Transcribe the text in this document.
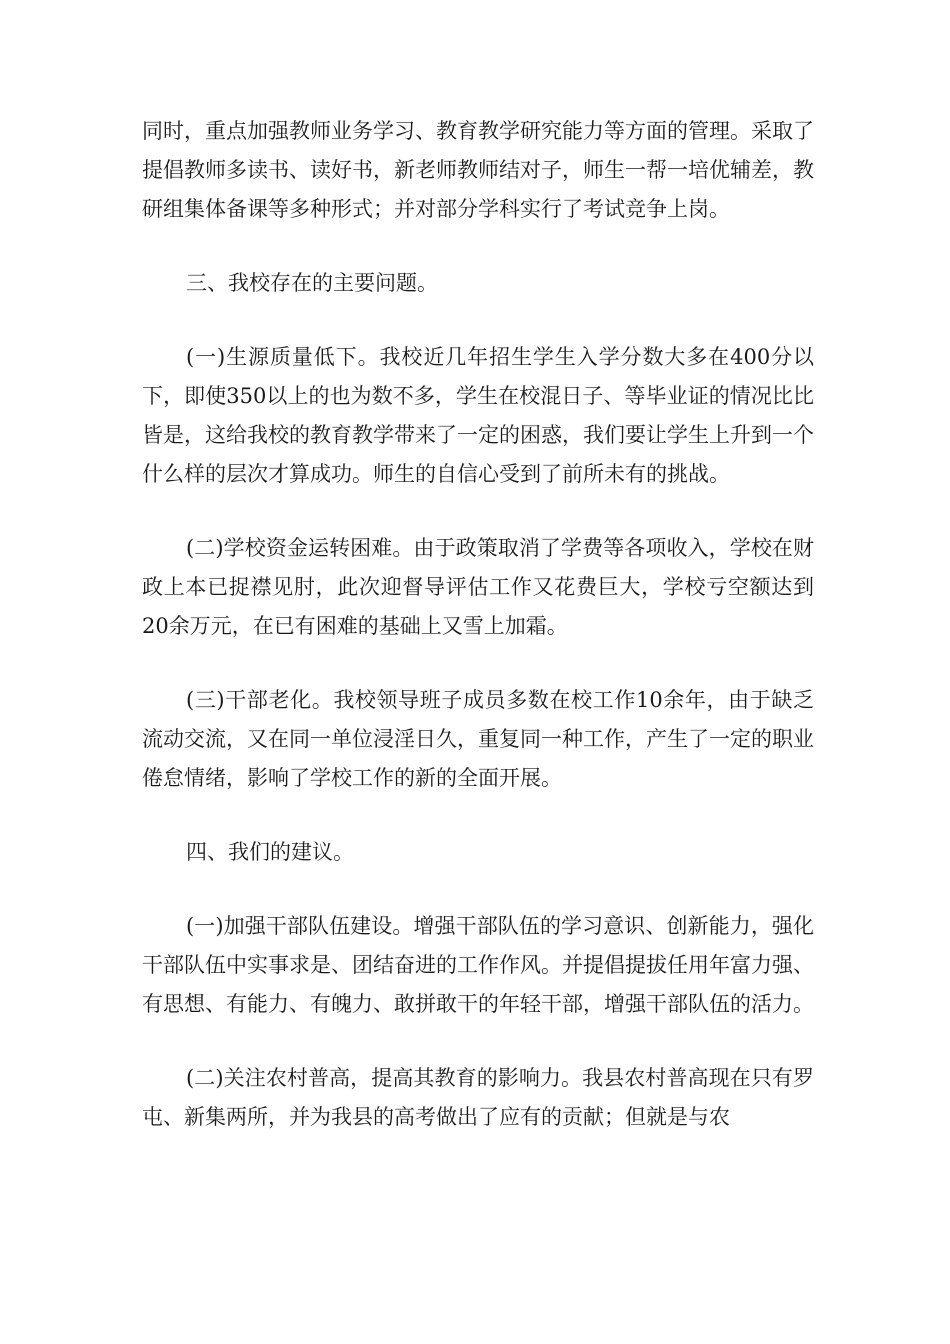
同时，重点加强教师业务学习、教育教学研究能力等方面的管理。采取了提倡教师多读书、读好书，新老师教师结对子，师生一帮一培优辅差，教研组集体备课等多种形式；并对部分学科实行了考试竞争上岗。

三、我校存在的主要问题。

(一)生源质量低下。我校近几年招生学生入学分数大多在400分以下，即使350以上的也为数不多，学生在校混日子、等毕业证的情况比比皆是，这给我校的教育教学带来了一定的困惑，我们要让学生上升到一个什么样的层次才算成功。师生的自信心受到了前所未有的挑战。

(二)学校资金运转困难。由于政策取消了学费等各项收入，学校在财政上本已捉襟见肘，此次迎督导评估工作又花费巨大，学校亏空额达到20余万元，在已有困难的基础上又雪上加霜。

(三)干部老化。我校领导班子成员多数在校工作10余年，由于缺乏流动交流，又在同一单位浸淫日久，重复同一种工作，产生了一定的职业倦怠情绪，影响了学校工作的新的全面开展。

四、我们的建议。

(一)加强干部队伍建设。增强干部队伍的学习意识、创新能力，强化干部队伍中实事求是、团结奋进的工作作风。并提倡提拔任用年富力强、有思想、有能力、有魄力、敢拼敢干的年轻干部，增强干部队伍的活力。

(二)关注农村普高，提高其教育的影响力。我县农村普高现在只有罗屯、新集两所，并为我县的高考做出了应有的贡献；但就是与农
